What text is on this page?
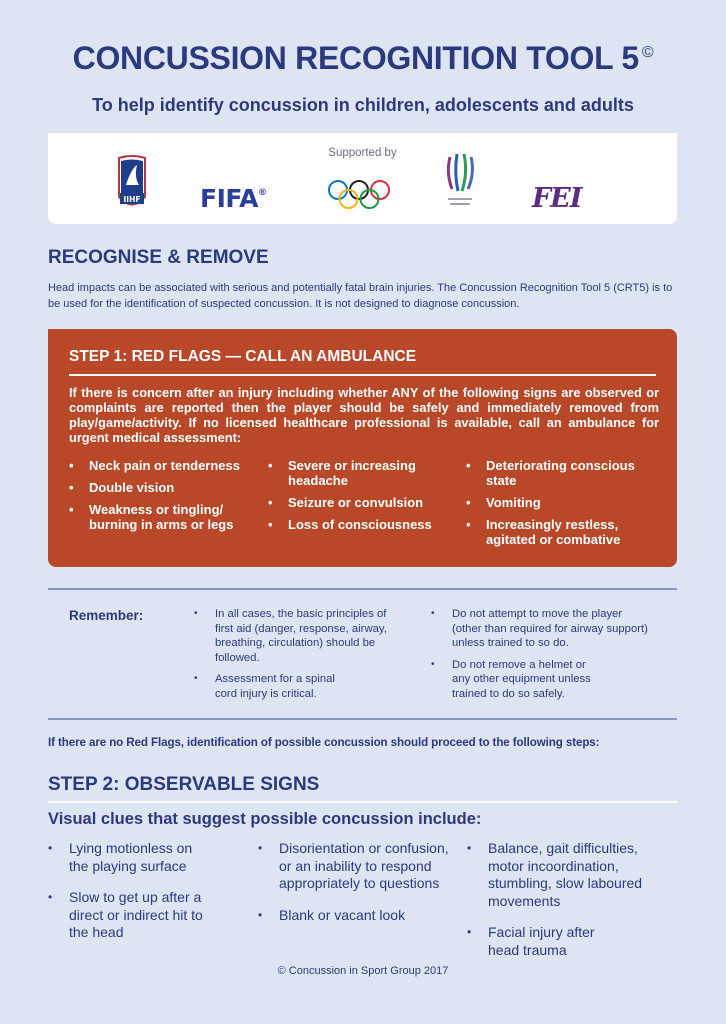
CONCUSSION RECOGNITION TOOL 5 ©
To help identify concussion in children, adolescents and adults
Supported by
IIHF FIFA®	FEI
RECOGNISE & REMOVE
Head impacts can be associated with serious and potentially fatal brain injuries. The Concussion Recognition Tool 5 (CRT5) is to be used for the identification of suspected concussion. It is not designed to diagnose concussion.
STEP 1: RED FLAGS — CALL AN AMBULANCE
If there is concern after an injury including whether ANY of the following signs are observed or complaints are reported then the player should be safely and immediately removed from play/game/activity. If no licensed healthcare professional is available, call an ambulance for urgent medical assessment:
• Neck pain or tenderness
• Double vision
• Weakness or tingling/ burning in arms or legs
• Severe or increasing headache
• Seizure or convulsion
• Loss of consciousness
• Deteriorating conscious state
• Vomiting
• Increasingly restless, agitated or combative
Remember:
•	In all cases, the basic principles of first aid (danger, response, airway, breathing, circulation) should be followed.
• Assessment for a spinal cord injury is critical.
• Do not attempt to move the player (other than required for airway support) unless trained to so do.
• Do not remove a helmet or any other equipment unless trained to do so safely.
If there are no Red Flags, identification of possible concussion should proceed to the following steps:
STEP 2: OBSERVABLE SIGNS
Visual clues that suggest possible concussion include:
• Lying motionless on the playing surface
• Slow to get up after a direct or indirect hit to the head
• Disorientation or confusion, or an inability to respond appropriately to questions
• Blank or vacant look
• Balance, gait difficulties, motor incoordination, stumbling, slow laboured movements
• Facial injury after head trauma
© Concussion in Sport Group 2017
